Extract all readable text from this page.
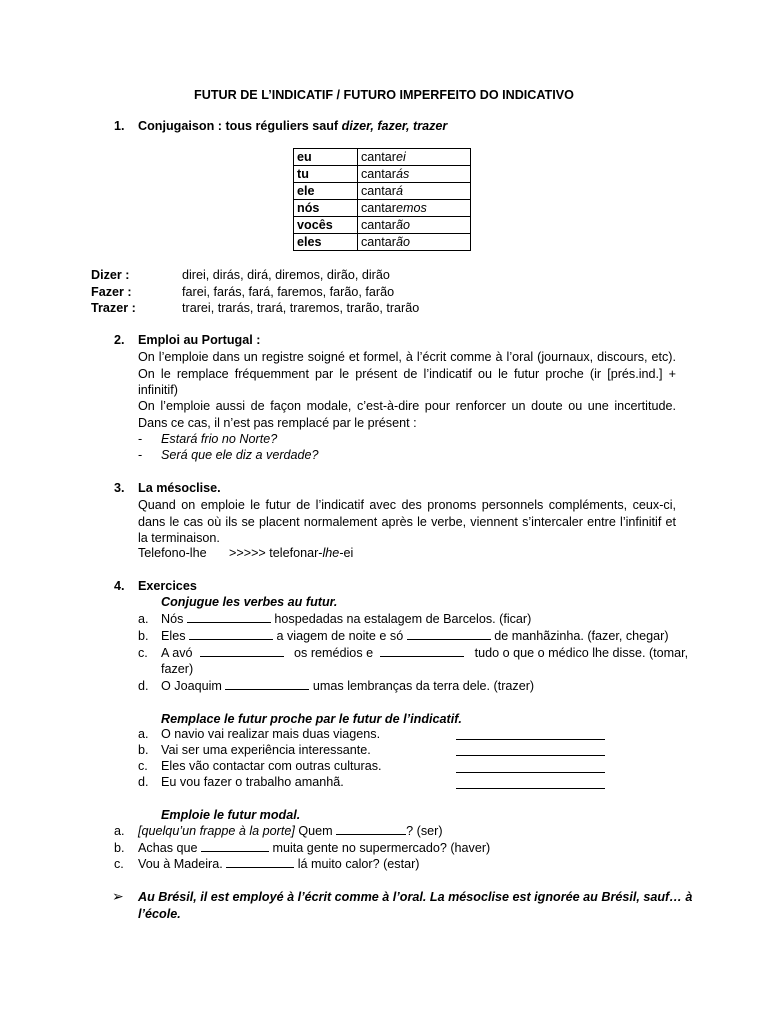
FUTUR DE L’INDICATIF / FUTURO IMPERFEITO DO INDICATIVO
1. Conjugaison : tous réguliers sauf dizer, fazer, trazer
eu	cantarei
tu	cantarás
ele	cantará
nós	cantaremos
vocês	cantarão
eles	cantarão
Dizer :	direi, dirás, dirá, diremos, dirão, dirão
Fazer :	farei, farás, fará, faremos, farão, farão
Trazer :	trarei, trarás, trará, traremos, trarão, trarão
2. Emploi au Portugal :
On l’emploie dans un registre soigné et formel, à l’écrit comme à l’oral (journaux, discours, etc). On le remplace fréquemment par le présent de l’indicatif ou le futur proche (ir [prés.ind.] + infinitif)
On l’emploie aussi de façon modale, c’est-à-dire pour renforcer un doute ou une incertitude. Dans ce cas, il n’est pas remplacé par le présent :
- Estará frio no Norte?
- Será que ele diz a verdade?
3. La mésoclise.
Quand on emploie le futur de l’indicatif avec des pronoms personnels compléments, ceux-ci, dans le cas où ils se placent normalement après le verbe, viennent s’intercaler entre l’infinitif et la terminaison.
Telefono-lhe >>>>> telefonar-lhe-ei
4. Exercices
Conjugue les verbes au futur.
a. Nós	hospedadas na estalagem de Barcelos. (ficar)
b. Eles	a viagem de noite e só	de manhãzinha. (fazer, chegar)
c. A avó	os remédios e	tudo o que o médico lhe disse. (tomar,
fazer)
d. O Joaquim	umas lembranças da terra dele. (trazer)
Remplace le futur proche par le futur de l’indicatif.
a. O navio vai realizar mais duas viagens.
b. Vai ser uma experiência interessante.
c. Eles vão contactar com outras culturas.
d. Eu vou fazer o trabalho amanhã.
Emploie le futur modal.
a. [quelqu’un frappe à la porte] Quem	? (ser)
b. Achas que	muita gente no supermercado? (haver)
c. Vou à Madeira.	lá muito calor? (estar)
➢ Au Brésil, il est employé à l’écrit comme à l’oral. La mésoclise est ignorée au Brésil, sauf… à
l’école.
